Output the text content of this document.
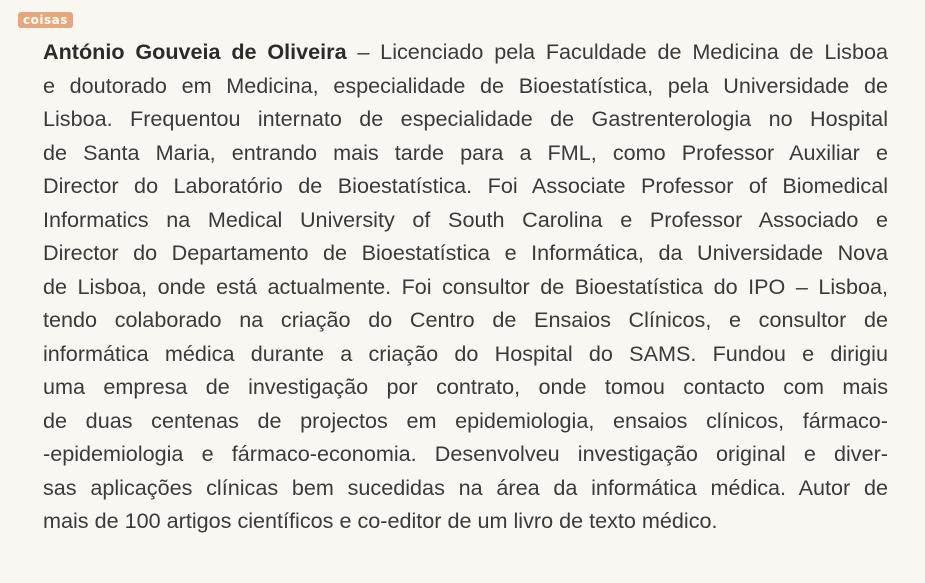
coisas
António Gouveia de Oliveira – Licenciado pela Faculdade de Medicina de Lisboa
e doutorado em Medicina, especialidade de Bioestatística, pela Universidade de
Lisboa. Frequentou internato de especialidade de Gastrenterologia no Hospital
de Santa Maria, entrando mais tarde para a FML, como Professor Auxiliar e
Director do Laboratório de Bioestatística. Foi Associate Professor of Biomedical
Informatics na Medical University of South Carolina e Professor Associado e
Director do Departamento de Bioestatística e Informática, da Universidade Nova
de Lisboa, onde está actualmente. Foi consultor de Bioestatística do IPO – Lisboa,
tendo colaborado na criação do Centro de Ensaios Clínicos, e consultor de
informática médica durante a criação do Hospital do SAMS. Fundou e dirigiu
uma empresa de investigação por contrato, onde tomou contacto com mais
de duas centenas de projectos em epidemiologia, ensaios clínicos, fármaco-
-epidemiologia e fármaco-economia. Desenvolveu investigação original e diver-
sas aplicações clínicas bem sucedidas na área da informática médica. Autor de
mais de 100 artigos científicos e co-editor de um livro de texto médico.
